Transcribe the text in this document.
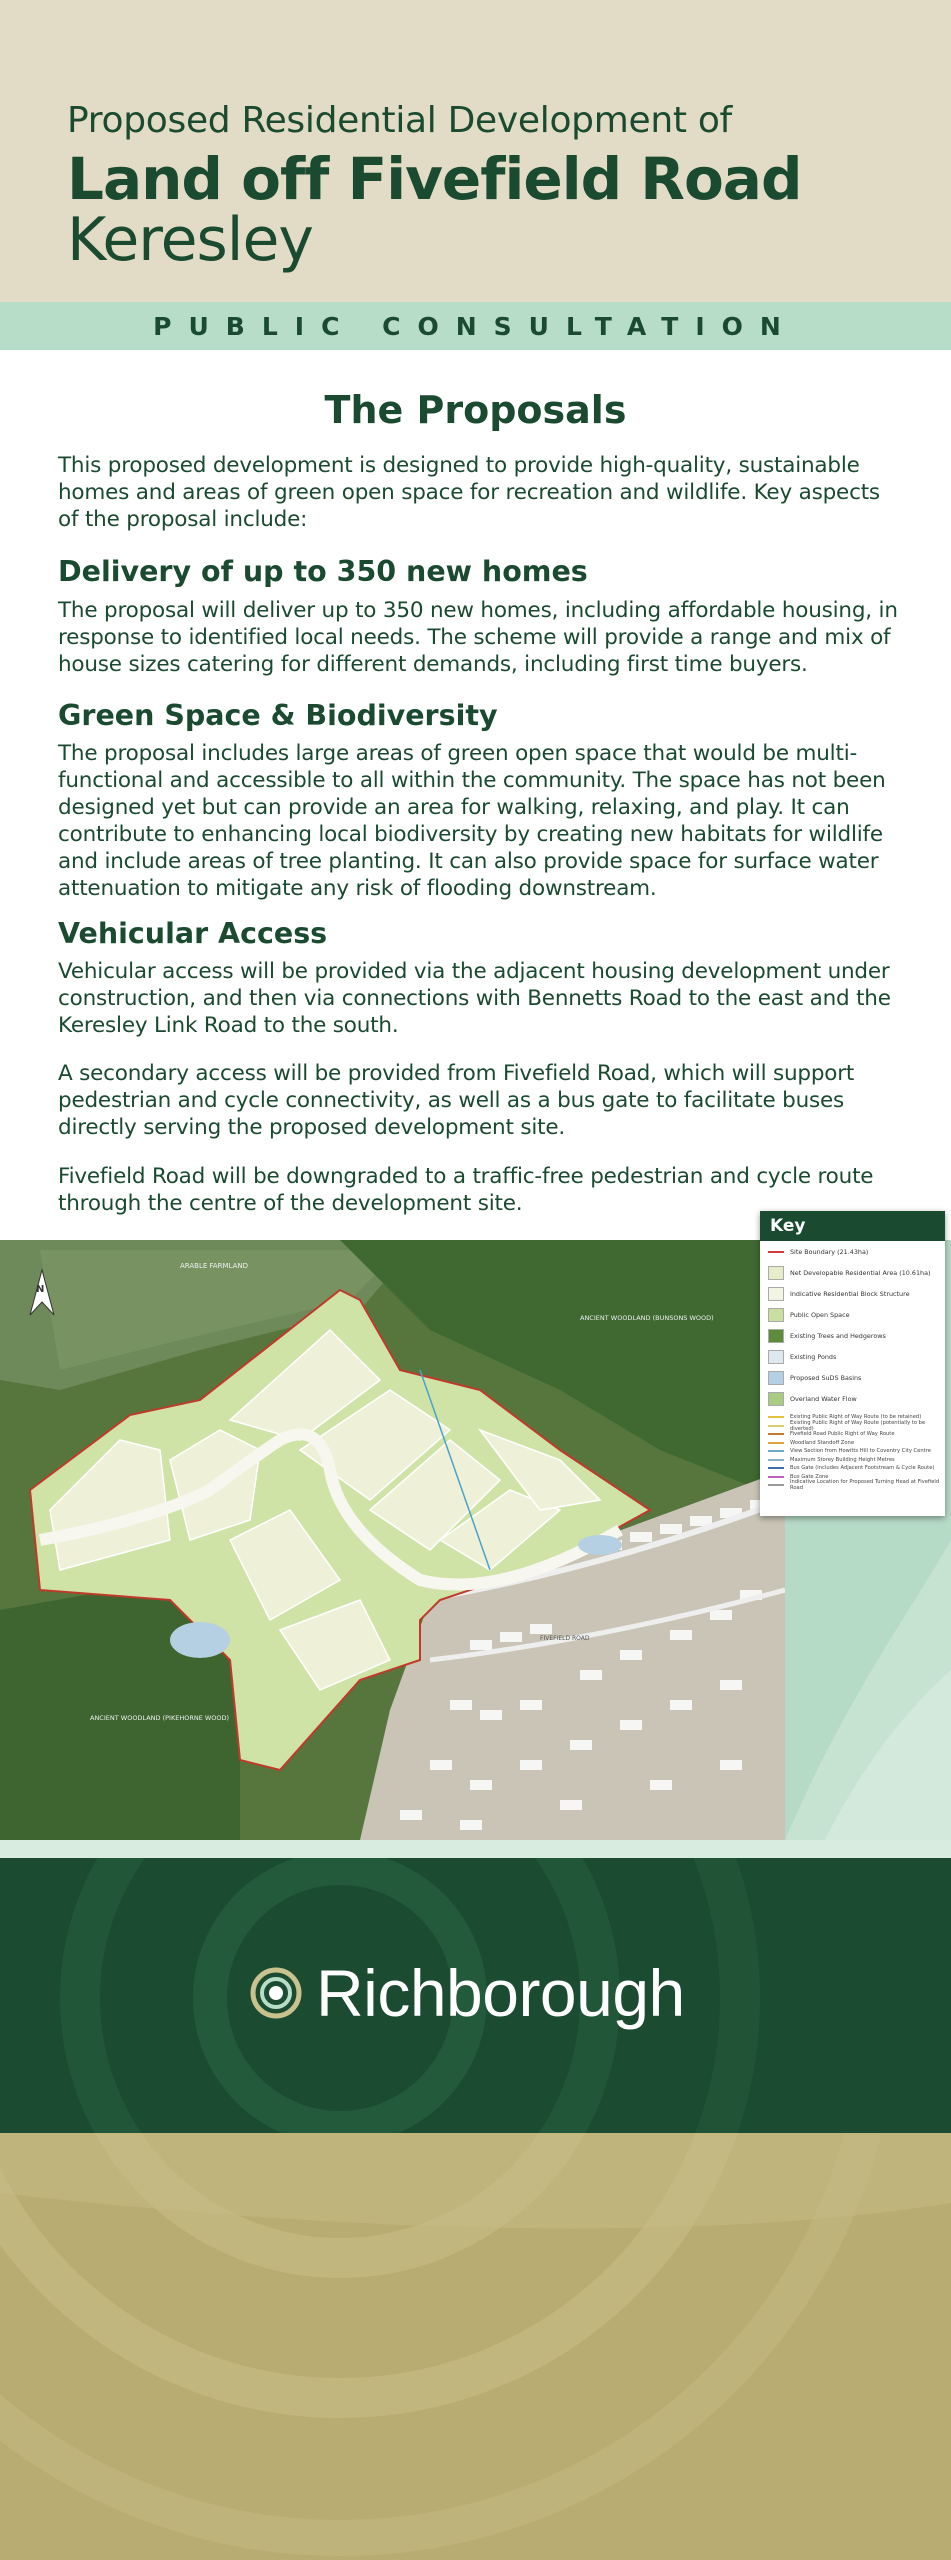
Proposed Residential Development of
Land off Fivefield Road
Keresley
PUBLIC CONSULTATION
The Proposals
This proposed development is designed to provide high-quality, sustainable homes and areas of green open space for recreation and wildlife. Key aspects of the proposal include:
Delivery of up to 350 new homes
The proposal will deliver up to 350 new homes, including affordable housing, in response to identified local needs. The scheme will provide a range and mix of house sizes catering for different demands, including first time buyers.
Green Space & Biodiversity
The proposal includes large areas of green open space that would be multi-functional and accessible to all within the community. The space has not been designed yet but can provide an area for walking, relaxing, and play. It can contribute to enhancing local biodiversity by creating new habitats for wildlife and include areas of tree planting. It can also provide space for surface water attenuation to mitigate any risk of flooding downstream.
Vehicular Access
Vehicular access will be provided via the adjacent housing development under construction, and then via connections with Bennetts Road to the east and the Keresley Link Road to the south.
A secondary access will be provided from Fivefield Road, which will support pedestrian and cycle connectivity, as well as a bus gate to facilitate buses directly serving the proposed development site.
Fivefield Road will be downgraded to a traffic-free pedestrian and cycle route through the centre of the development site.
ARABLE FARMLAND
ANCIENT WOODLAND (BUNSONS WOOD)
ANCIENT WOODLAND (PIKEHORNE WOOD)
FIVEFIELD ROAD
N
Key
Site Boundary (21.43ha)
Net Developable Residential Area (10.61ha)
Indicative Residential Block Structure
Public Open Space
Existing Trees and Hedgerows
Existing Ponds
Proposed SuDS Basins
Overland Water Flow
Existing Public Right of Way Route (to be retained)
Existing Public Right of Way Route (potentially to be diverted)
Fivefield Road Public Right of Way Route
Woodland Standoff Zone
View Section from Howitts Hill to Coventry City Centre
Maximum Storey Building Height Metres
Bus Gate (includes Adjacent Footstream & Cycle Route)
Bus Gate Zone
Indicative Location for Proposed Turning Head at Fivefield Road
Richborough
